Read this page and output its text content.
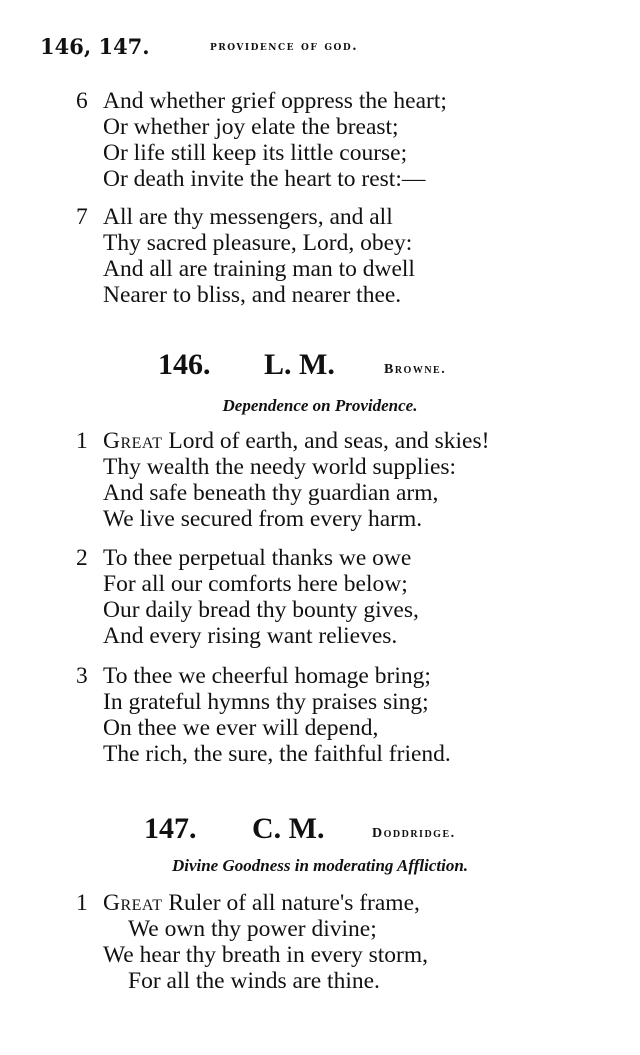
146, 147.	providence of god.
6 And whether grief oppress the heart;
Or whether joy elate the breast;
Or life still keep its little course;
Or death invite the heart to rest:—
7 All are thy messengers, and all
Thy sacred pleasure, Lord, obey:
And all are training man to dwell
Nearer to bliss, and nearer thee.
146. L. M.	Browne.
Dependence on Providence.
1 Great Lord of earth, and seas, and skies!
Thy wealth the needy world supplies:
And safe beneath thy guardian arm,
We live secured from every harm.
2 To thee perpetual thanks we owe
For all our comforts here below;
Our daily bread thy bounty gives,
And every rising want relieves.
3 To thee we cheerful homage bring;
In grateful hymns thy praises sing;
On thee we ever will depend,
The rich, the sure, the faithful friend.
147. C. M.	Doddridge.
Divine Goodness in moderating Affliction.
1 Great Ruler of all nature's frame,
We own thy power divine;
We hear thy breath in every storm,
For all the winds are thine.
